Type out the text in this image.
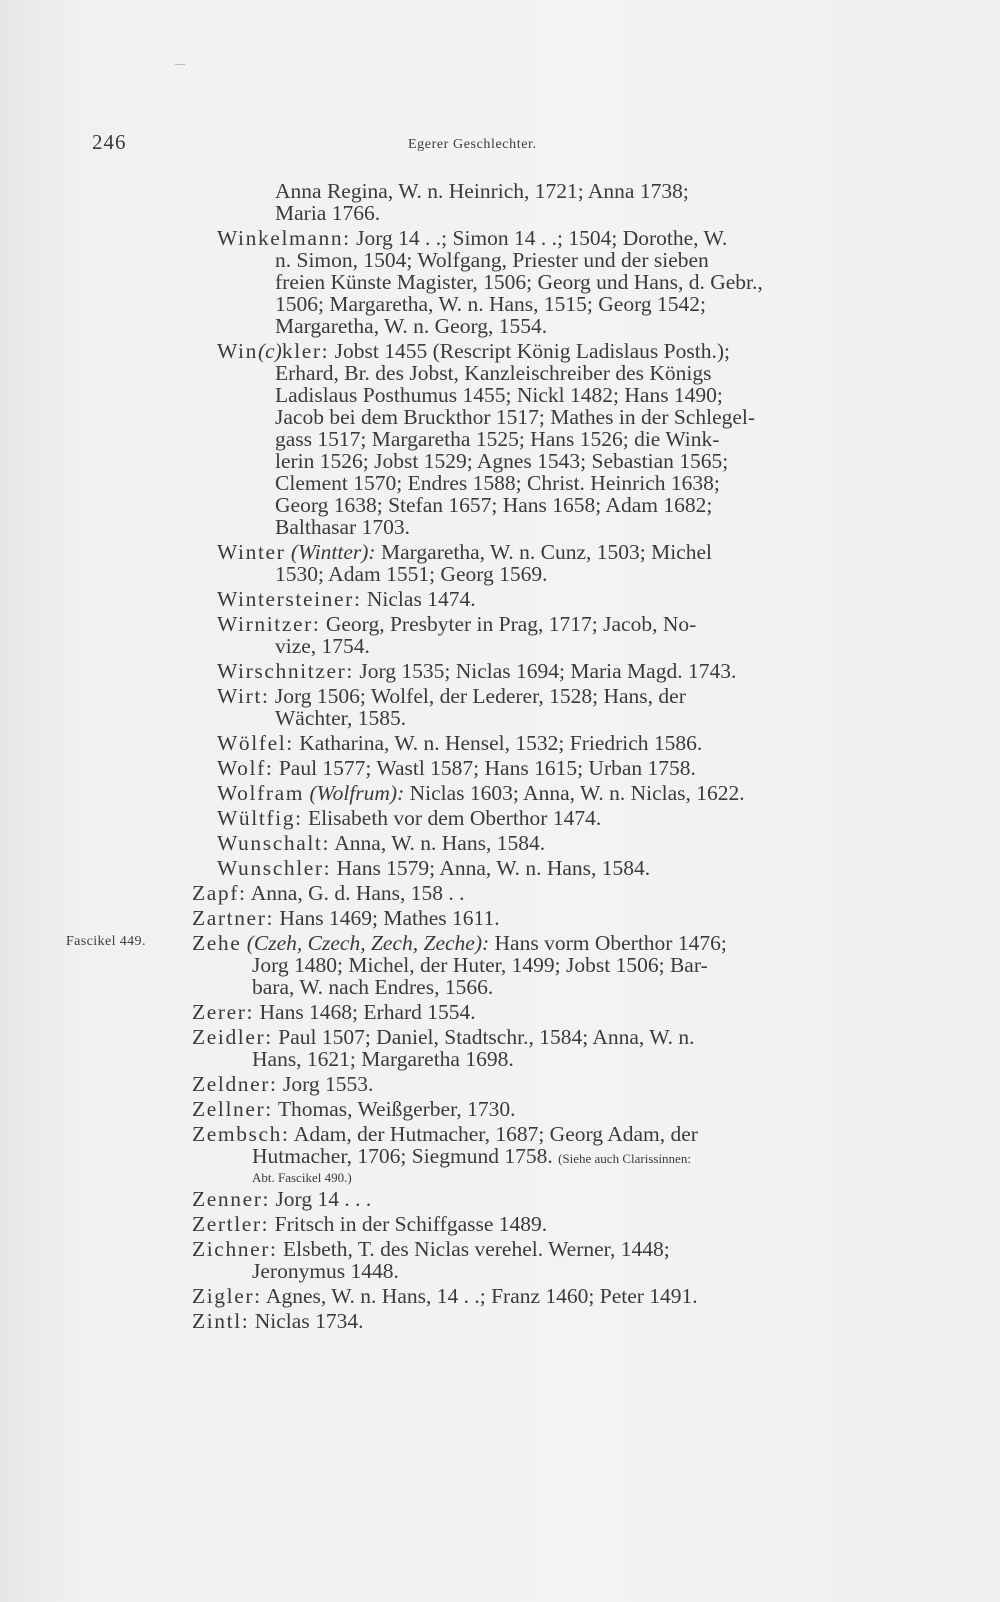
246	Egerer Geschlechter.
Fascikel 449.
Anna Regina, W. n. Heinrich, 1721; Anna 1738;
Maria 1766.
Winkelmann: Jorg 14 . .; Simon 14 . .; 1504; Dorothe, W.
n. Simon, 1504; Wolfgang, Priester und der sieben
freien Künste Magister, 1506; Georg und Hans, d. Gebr.,
1506; Margaretha, W. n. Hans, 1515; Georg 1542;
Margaretha, W. n. Georg, 1554.
Win(c)kler: Jobst 1455 (Rescript König Ladislaus Posth.);
Erhard, Br. des Jobst, Kanzleischreiber des Königs
Ladislaus Posthumus 1455; Nickl 1482; Hans 1490;
Jacob bei dem Bruckthor 1517; Mathes in der Schlegel-
gass 1517; Margaretha 1525; Hans 1526; die Wink-
lerin 1526; Jobst 1529; Agnes 1543; Sebastian 1565;
Clement 1570; Endres 1588; Christ. Heinrich 1638;
Georg 1638; Stefan 1657; Hans 1658; Adam 1682;
Balthasar 1703.
Winter (Wintter): Margaretha, W. n. Cunz, 1503; Michel
1530; Adam 1551; Georg 1569.
Wintersteiner: Niclas 1474.
Wirnitzer: Georg, Presbyter in Prag, 1717; Jacob, No-
vize, 1754.
Wirschnitzer: Jorg 1535; Niclas 1694; Maria Magd. 1743.
Wirt: Jorg 1506; Wolfel, der Lederer, 1528; Hans, der
Wächter, 1585.
Wölfel: Katharina, W. n. Hensel, 1532; Friedrich 1586.
Wolf: Paul 1577; Wastl 1587; Hans 1615; Urban 1758.
Wolfram (Wolfrum): Niclas 1603; Anna, W. n. Niclas, 1622.
Wültfig: Elisabeth vor dem Oberthor 1474.
Wunschalt: Anna, W. n. Hans, 1584.
Wunschler: Hans 1579; Anna, W. n. Hans, 1584.
Zapf: Anna, G. d. Hans, 158 . .
Zartner: Hans 1469; Mathes 1611.
Zehe (Czeh, Czech, Zech, Zeche): Hans vorm Oberthor 1476;
Jorg 1480; Michel, der Huter, 1499; Jobst 1506; Bar-
bara, W. nach Endres, 1566.
Zerer: Hans 1468; Erhard 1554.
Zeidler: Paul 1507; Daniel, Stadtschr., 1584; Anna, W. n.
Hans, 1621; Margaretha 1698.
Zeldner: Jorg 1553.
Zellner: Thomas, Weißgerber, 1730.
Zembsch: Adam, der Hutmacher, 1687; Georg Adam, der
Hutmacher, 1706; Siegmund 1758. (Siehe auch Clarissinnen:
Abt. Fascikel 490.)
Zenner: Jorg 14 . . .
Zertler: Fritsch in der Schiffgasse 1489.
Zichner: Elsbeth, T. des Niclas verehel. Werner, 1448;
Jeronymus 1448.
Zigler: Agnes, W. n. Hans, 14 . .; Franz 1460; Peter 1491.
Zintl: Niclas 1734.
